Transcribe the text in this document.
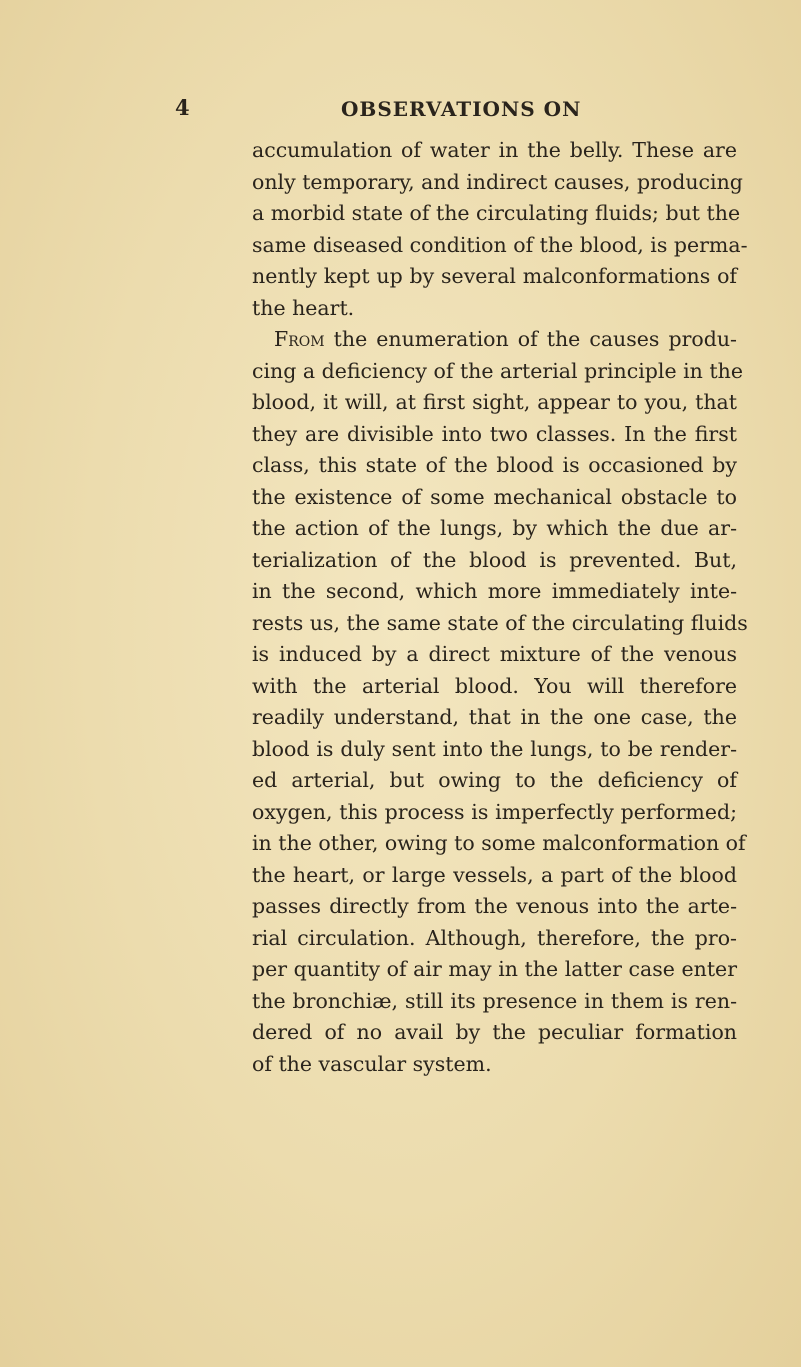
4	OBSERVATIONS ON
accumulation of water in the belly. These are
only temporary, and indirect causes, producing
a morbid state of the circulating fluids; but the
same diseased condition of the blood, is perma-
nently kept up by several malconformations of
the heart.
From the enumeration of the causes produ-
cing a deficiency of the arterial principle in the
blood, it will, at first sight, appear to you, that
they are divisible into two classes. In the first
class, this state of the blood is occasioned by
the existence of some mechanical obstacle to
the action of the lungs, by which the due ar-
terialization of the blood is prevented. But,
in the second, which more immediately inte-
rests us, the same state of the circulating fluids
is induced by a direct mixture of the venous
with the arterial blood. You will therefore
readily understand, that in the one case, the
blood is duly sent into the lungs, to be render-
ed arterial, but owing to the deficiency of
oxygen, this process is imperfectly performed;
in the other, owing to some malconformation of
the heart, or large vessels, a part of the blood
passes directly from the venous into the arte-
rial circulation. Although, therefore, the pro-
per quantity of air may in the latter case enter
the bronchiæ, still its presence in them is ren-
dered of no avail by the peculiar formation
of the vascular system.
